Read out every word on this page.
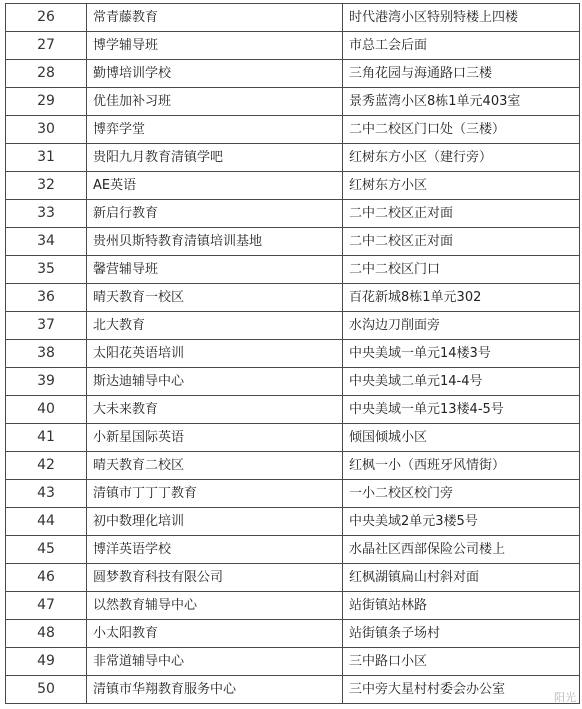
26	常青藤教育	时代港湾小区特别特楼上四楼
27	博学辅导班	市总工会后面
28	勤博培训学校	三角花园与海通路口三楼
29	优佳加补习班	景秀蓝湾小区8栋1单元403室
30	博弈学堂	二中二校区门口处（三楼）
31	贵阳九月教育清镇学吧	红树东方小区（建行旁）
32	AE英语	红树东方小区
33	新启行教育	二中二校区正对面
34	贵州贝斯特教育清镇培训基地	二中二校区正对面
35	馨营辅导班	二中二校区门口
36	晴天教育一校区	百花新城8栋1单元302
37	北大教育	水沟边刀削面旁
38	太阳花英语培训	中央美域一单元14楼3号
39	斯达迪辅导中心	中央美域二单元14-4号
40	大未来教育	中央美域一单元13楼4-5号
41	小新星国际英语	倾国倾城小区
42	晴天教育二校区	红枫一小（西班牙风情街）
43	清镇市丁丁丁教育	一小二校区校门旁
44	初中数理化培训	中央美域2单元3楼5号
45	博洋英语学校	水晶社区西部保险公司楼上
46	圆梦教育科技有限公司	红枫湖镇扁山村斜对面
47	以然教育辅导中心	站街镇站林路
48	小太阳教育	站街镇条子场村
49	非常道辅导中心	三中路口小区
50	清镇市华翔教育服务中心	三中旁大星村村委会办公室
阳光
